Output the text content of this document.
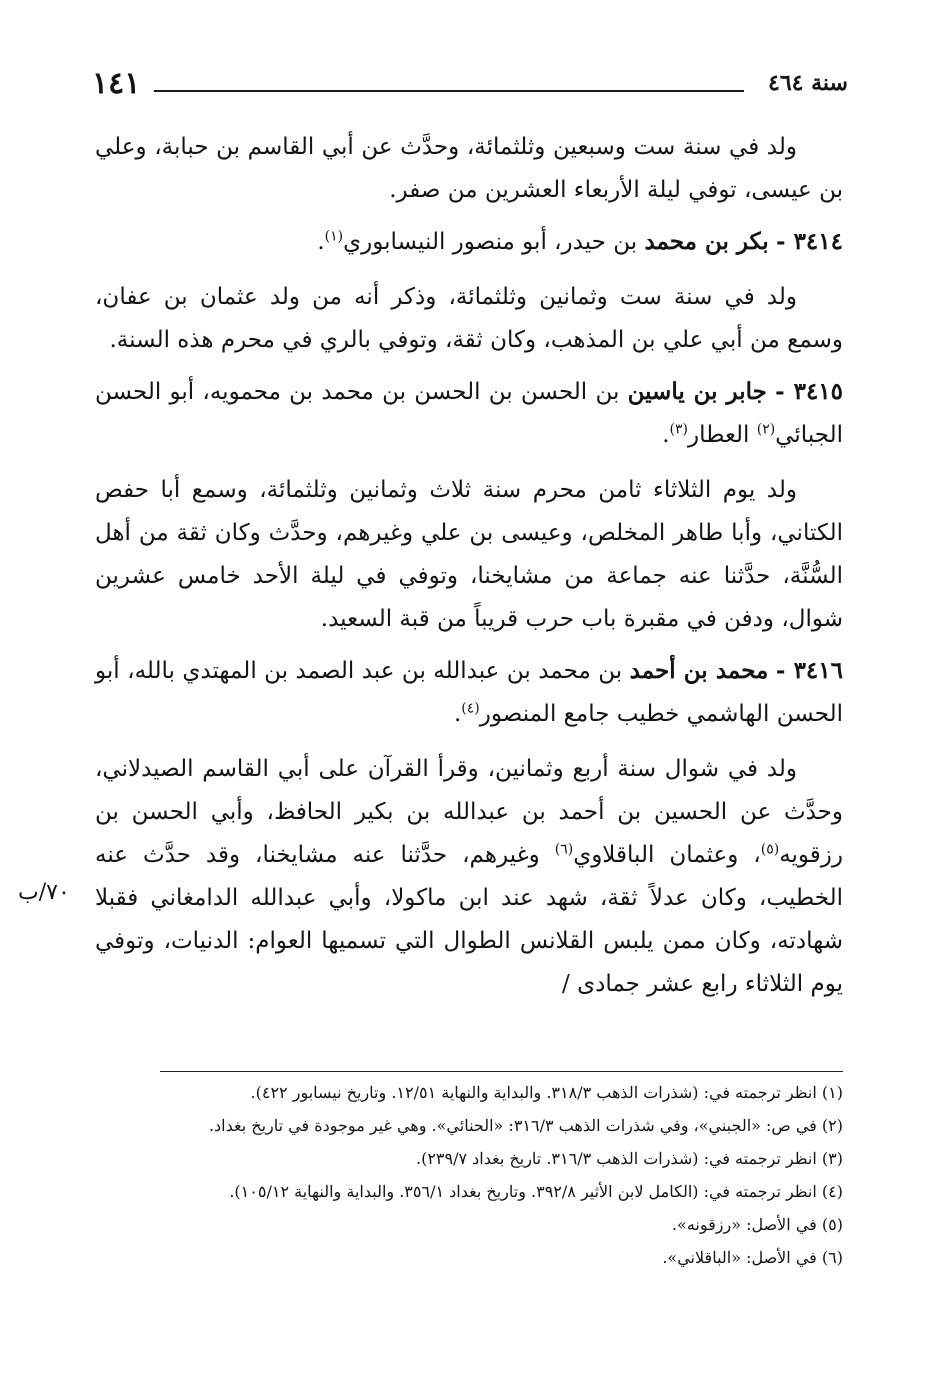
١٤١	سنة ٤٦٤

ولد في سنة ست وسبعين وثلثمائة، وحدَّث عن أبي القاسم بن حبابة، وعلي بن عيسى، توفي ليلة الأربعاء العشرين من صفر.

٣٤١٤ - بكر بن محمد بن حيدر، أبو منصور النيسابوري$^{(١)}$.

ولد في سنة ست وثمانين وثلثمائة، وذكر أنه من ولد عثمان بن عفان، وسمع من أبي علي بن المذهب، وكان ثقة، وتوفي بالري في محرم هذه السنة.

٣٤١٥ - جابر بن ياسين بن الحسن بن الحسن بن محمد بن محمويه، أبو الحسن الجبائي$^{(٢)}$ العطار$^{(٣)}$.

ولد يوم الثلاثاء ثامن محرم سنة ثلاث وثمانين وثلثمائة، وسمع أبا حفص الكتاني، وأبا طاهر المخلص، وعيسى بن علي وغيرهم، وحدَّث وكان ثقة من أهل السُّنَّة، حدَّثنا عنه جماعة من مشايخنا، وتوفي في ليلة الأحد خامس عشرين شوال، ودفن في مقبرة باب حرب قريباً من قبة السعيد.

٣٤١٦ - محمد بن أحمد بن محمد بن عبدالله بن عبد الصمد بن المهتدي بالله، أبو الحسن الهاشمي خطيب جامع المنصور$^{(٤)}$.

ولد في شوال سنة أربع وثمانين، وقرأ القرآن على أبي القاسم الصيدلاني، وحدَّث عن الحسين بن أحمد بن عبدالله بن بكير الحافظ، وأبي الحسن بن رزقويه$^{(٥)}$، وعثمان الباقلاوي$^{(٦)}$ وغيرهم، حدَّثنا عنه مشايخنا، وقد حدَّث عنه الخطيب، وكان عدلاً ثقة، شهد عند ابن ماكولا، وأبي عبدالله الدامغاني فقبلا شهادته، وكان ممن يلبس القلانس الطوال التي تسميها العوام: الدنيات، وتوفي يوم الثلاثاء رابع عشر جمادى /

٧٠/ب
(١) انظر ترجمته في: (شذرات الذهب ٣١٨/٣. والبداية والنهاية ١٢/٥١. وتاريخ نيسابور ٤٢٢).
(٢) في ص: «الجبني»، وفي شذرات الذهب ٣١٦/٣: «الحنائي». وهي غير موجودة في تاريخ بغداد.
(٣) انظر ترجمته في: (شذرات الذهب ٣١٦/٣. تاريخ بغداد ٢٣٩/٧).
(٤) انظر ترجمته في: (الكامل لابن الأثير ٣٩٢/٨. وتاريخ بغداد ٣٥٦/١. والبداية والنهاية ١٠٥/١٢).
(٥) في الأصل: «رزقونه».
(٦) في الأصل: «الباقلاني».
